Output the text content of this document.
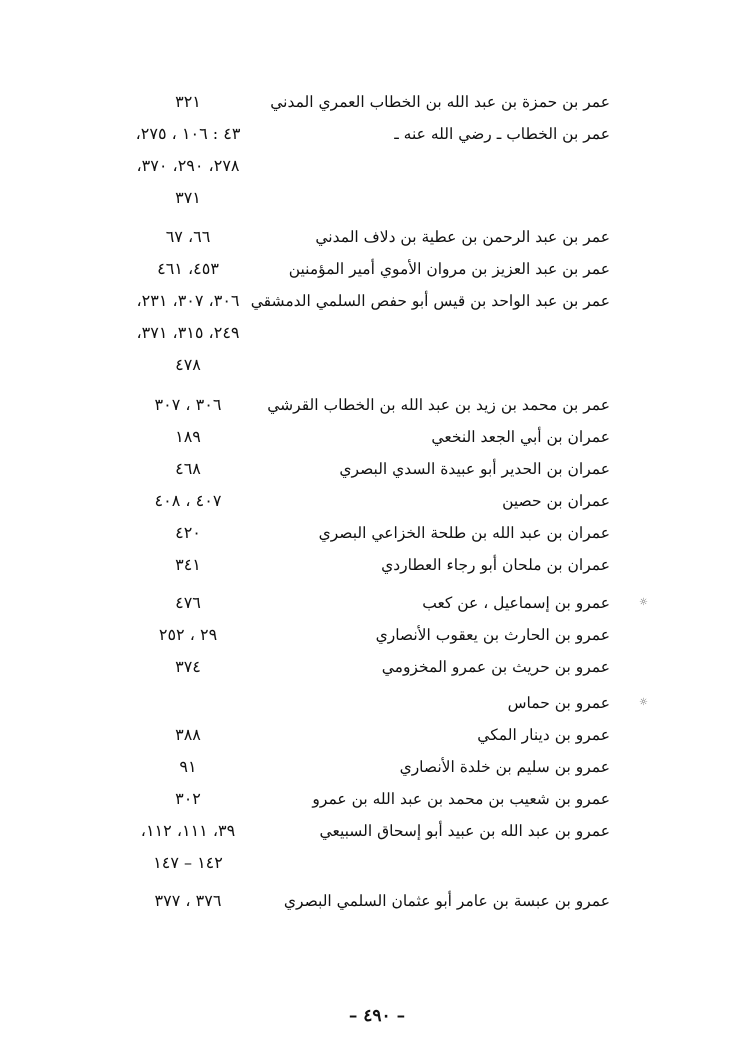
عمر بن حمزة بن عبد الله بن الخطاب العمري المدني
٣٢١
عمر بن الخطاب ـ رضي الله عنه ـ
٤٣ : ١٠٦ ، ٢٧٥،
٢٧٨، ٢٩٠، ٣٧٠،
٣٧١
عمر بن عبد الرحمن بن عطية بن دلاف المدني
٦٦، ٦٧
عمر بن عبد العزيز بن مروان الأموي أمير المؤمنين
٤٥٣، ٤٦١
عمر بن عبد الواحد بن قيس أبو حفص السلمي الدمشقي
٣٠٦، ٣٠٧، ٢٣١،
٢٤٩، ٣١٥، ٣٧١،
٤٧٨
عمر بن محمد بن زيد بن عبد الله بن الخطاب القرشي
٣٠٦ ، ٣٠٧
عمران بن أبي الجعد النخعي
١٨٩
عمران بن الحدير أبو عبيدة السدي البصري
٤٦٨
عمران بن حصين
٤٠٧ ، ٤٠٨
عمران بن عبد الله بن طلحة الخزاعي البصري
٤٢٠
عمران بن ملحان أبو رجاء العطاردي
٣٤١
عمرو بن إسماعيل ، عن كعب
٤٧٦	☼
عمرو بن الحارث بن يعقوب الأنصاري
٢٩ ، ٢٥٢
عمرو بن حريث بن عمرو المخزومي
٣٧٤
عمرو بن حماس	☼
عمرو بن دينار المكي
٣٨٨
عمرو بن سليم بن خلدة الأنصاري
٩١
عمرو بن شعيب بن محمد بن عبد الله بن عمرو
٣٠٢
عمرو بن عبد الله بن عبيد أبو إسحاق السبيعي
٣٩، ١١١، ١١٢،
١٤٢ – ١٤٧
عمرو بن عبسة بن عامر أبو عثمان السلمي البصري
٣٧٦ ، ٣٧٧
– ٤٩٠ –
